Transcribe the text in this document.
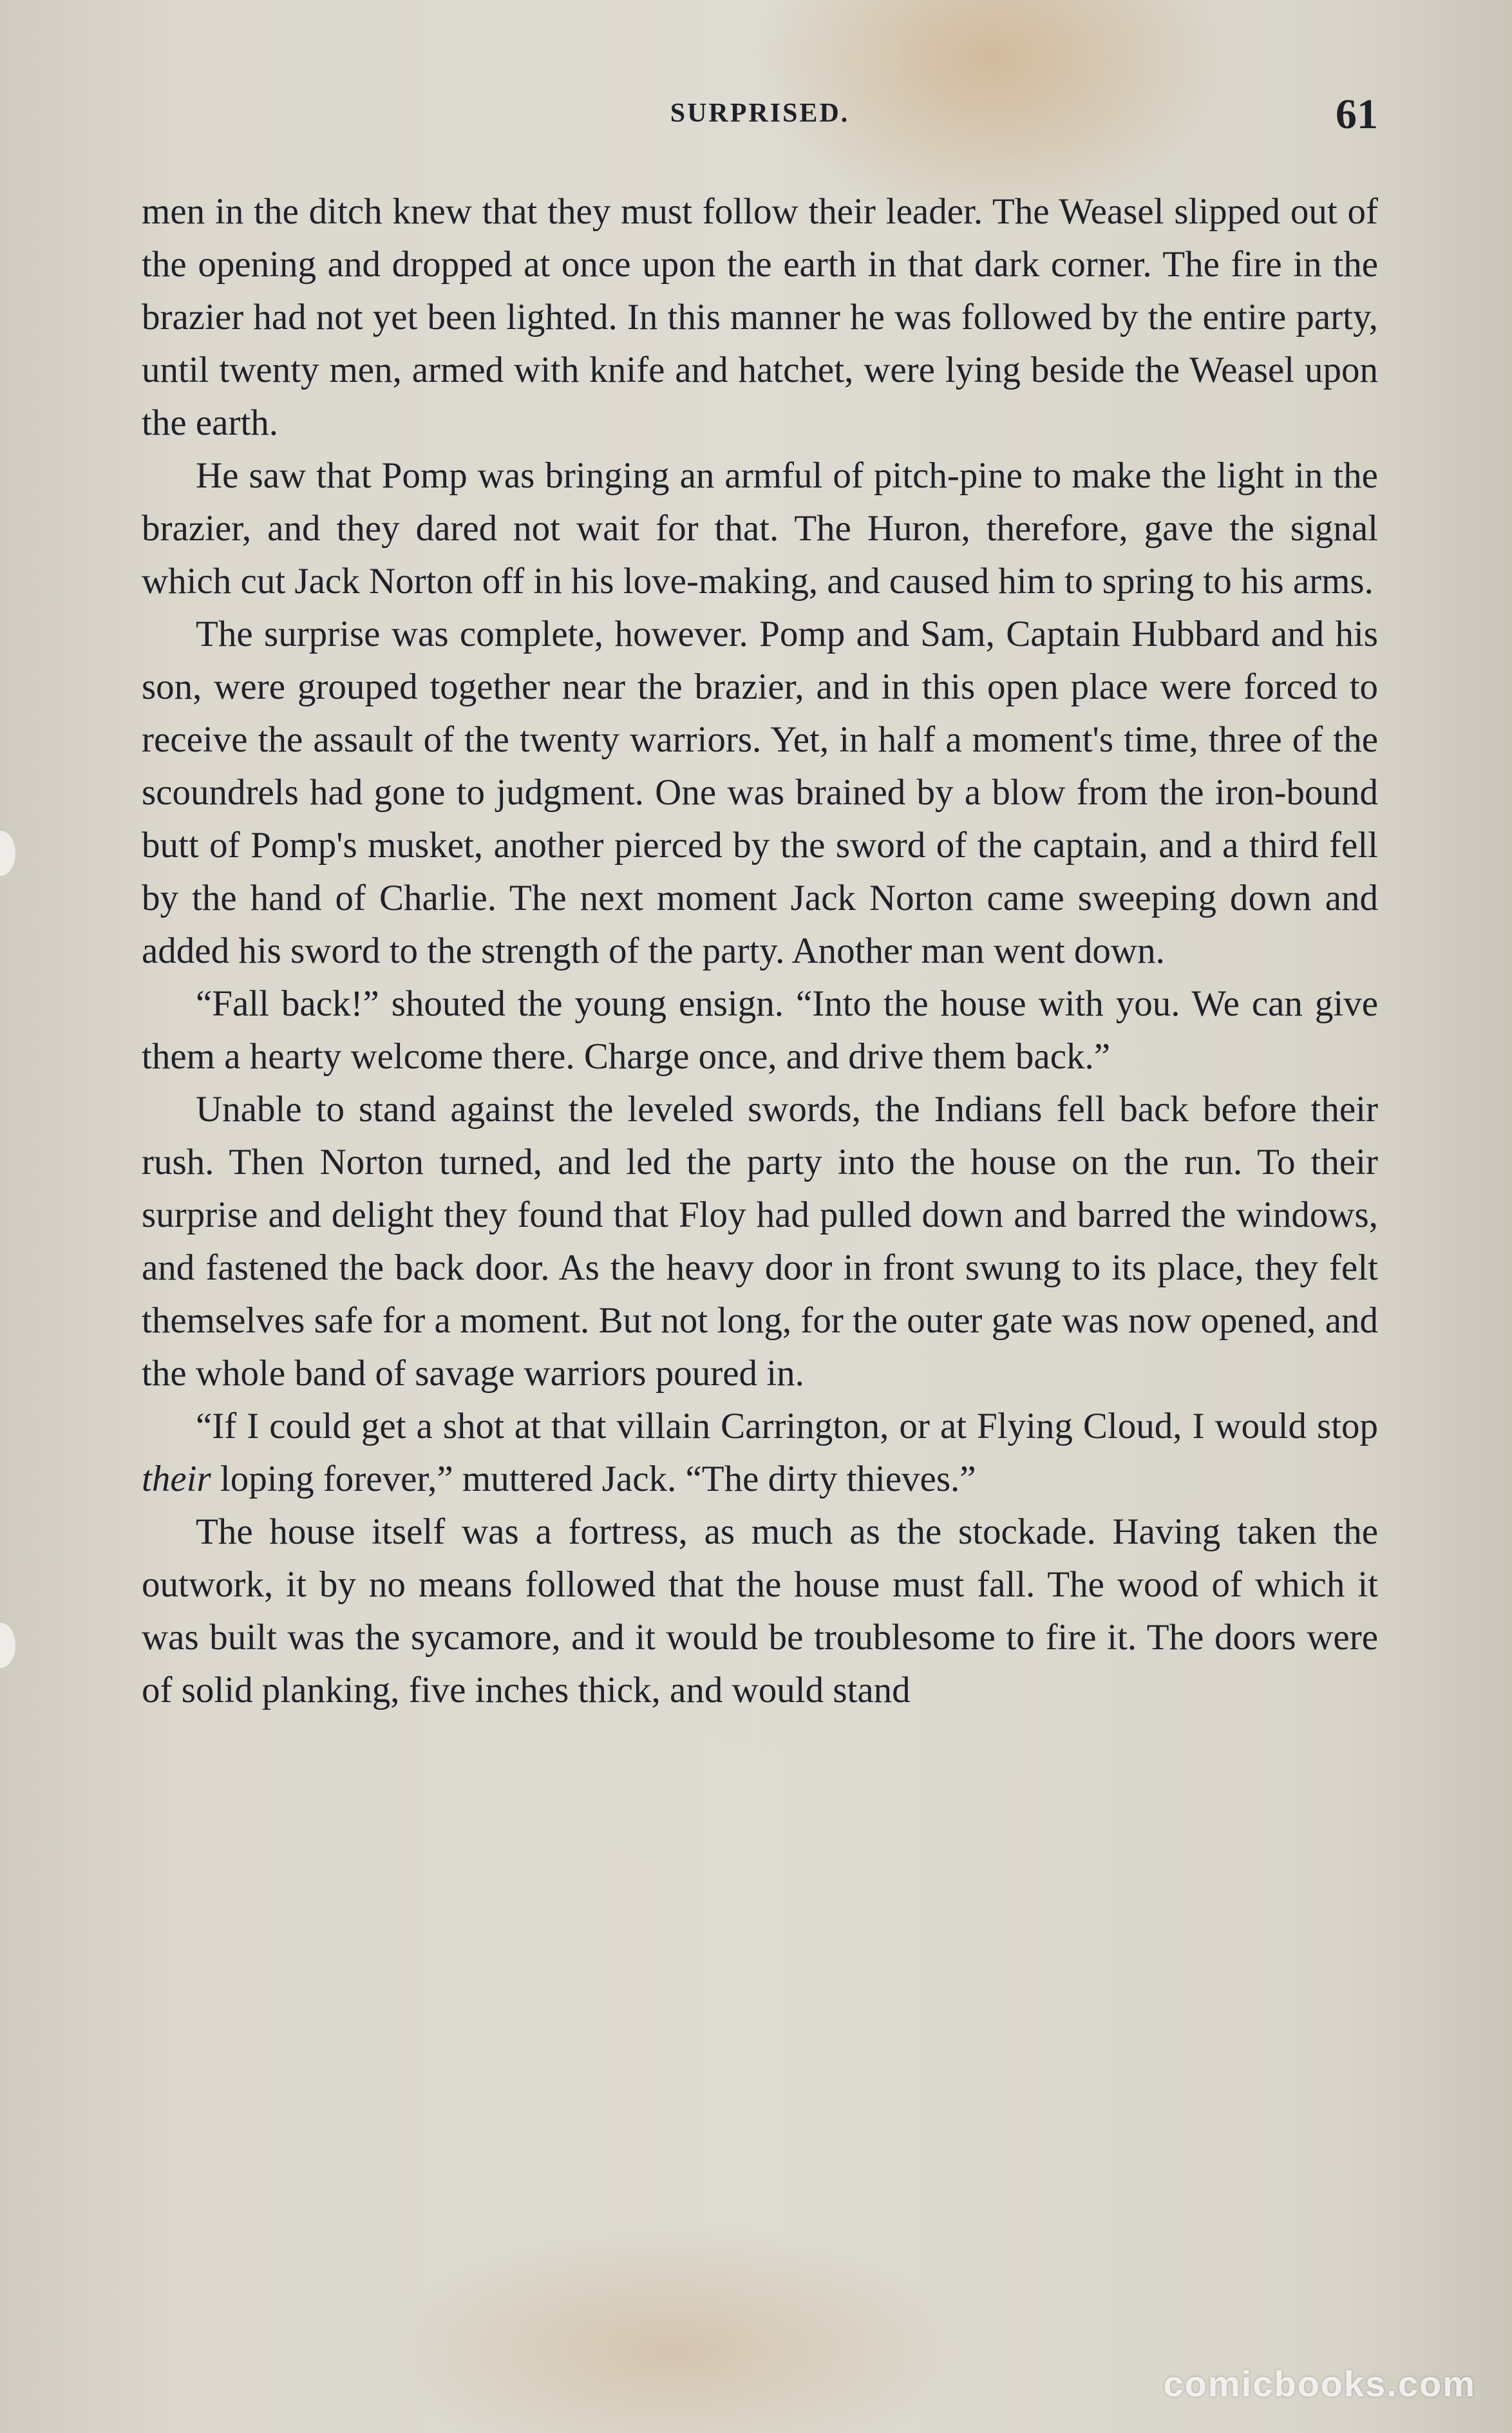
SURPRISED.	61

men in the ditch knew that they must follow their leader. The Weasel slipped out of the opening and dropped at once upon the earth in that dark corner. The fire in the brazier had not yet been lighted. In this manner he was followed by the entire party, until twenty men, armed with knife and hatchet, were lying beside the Weasel upon the earth.

He saw that Pomp was bringing an armful of pitch-pine to make the light in the brazier, and they dared not wait for that. The Huron, therefore, gave the signal which cut Jack Norton off in his love-making, and caused him to spring to his arms.

The surprise was complete, however. Pomp and Sam, Captain Hubbard and his son, were grouped together near the brazier, and in this open place were forced to receive the assault of the twenty warriors. Yet, in half a moment's time, three of the scoundrels had gone to judgment. One was brained by a blow from the iron-bound butt of Pomp's musket, another pierced by the sword of the captain, and a third fell by the hand of Charlie. The next moment Jack Norton came sweeping down and added his sword to the strength of the party. Another man went down.

“Fall back!” shouted the young ensign. “Into the house with you. We can give them a hearty welcome there. Charge once, and drive them back.”

Unable to stand against the leveled swords, the Indians fell back before their rush. Then Norton turned, and led the party into the house on the run. To their surprise and delight they found that Floy had pulled down and barred the windows, and fastened the back door. As the heavy door in front swung to its place, they felt themselves safe for a moment. But not long, for the outer gate was now opened, and the whole band of savage warriors poured in.

“If I could get a shot at that villain Carrington, or at Flying Cloud, I would stop their loping forever,” muttered Jack. “The dirty thieves.”

The house itself was a fortress, as much as the stockade. Having taken the outwork, it by no means followed that the house must fall. The wood of which it was built was the sycamore, and it would be troublesome to fire it. The doors were of solid planking, five inches thick, and would stand

comicbooks.com
